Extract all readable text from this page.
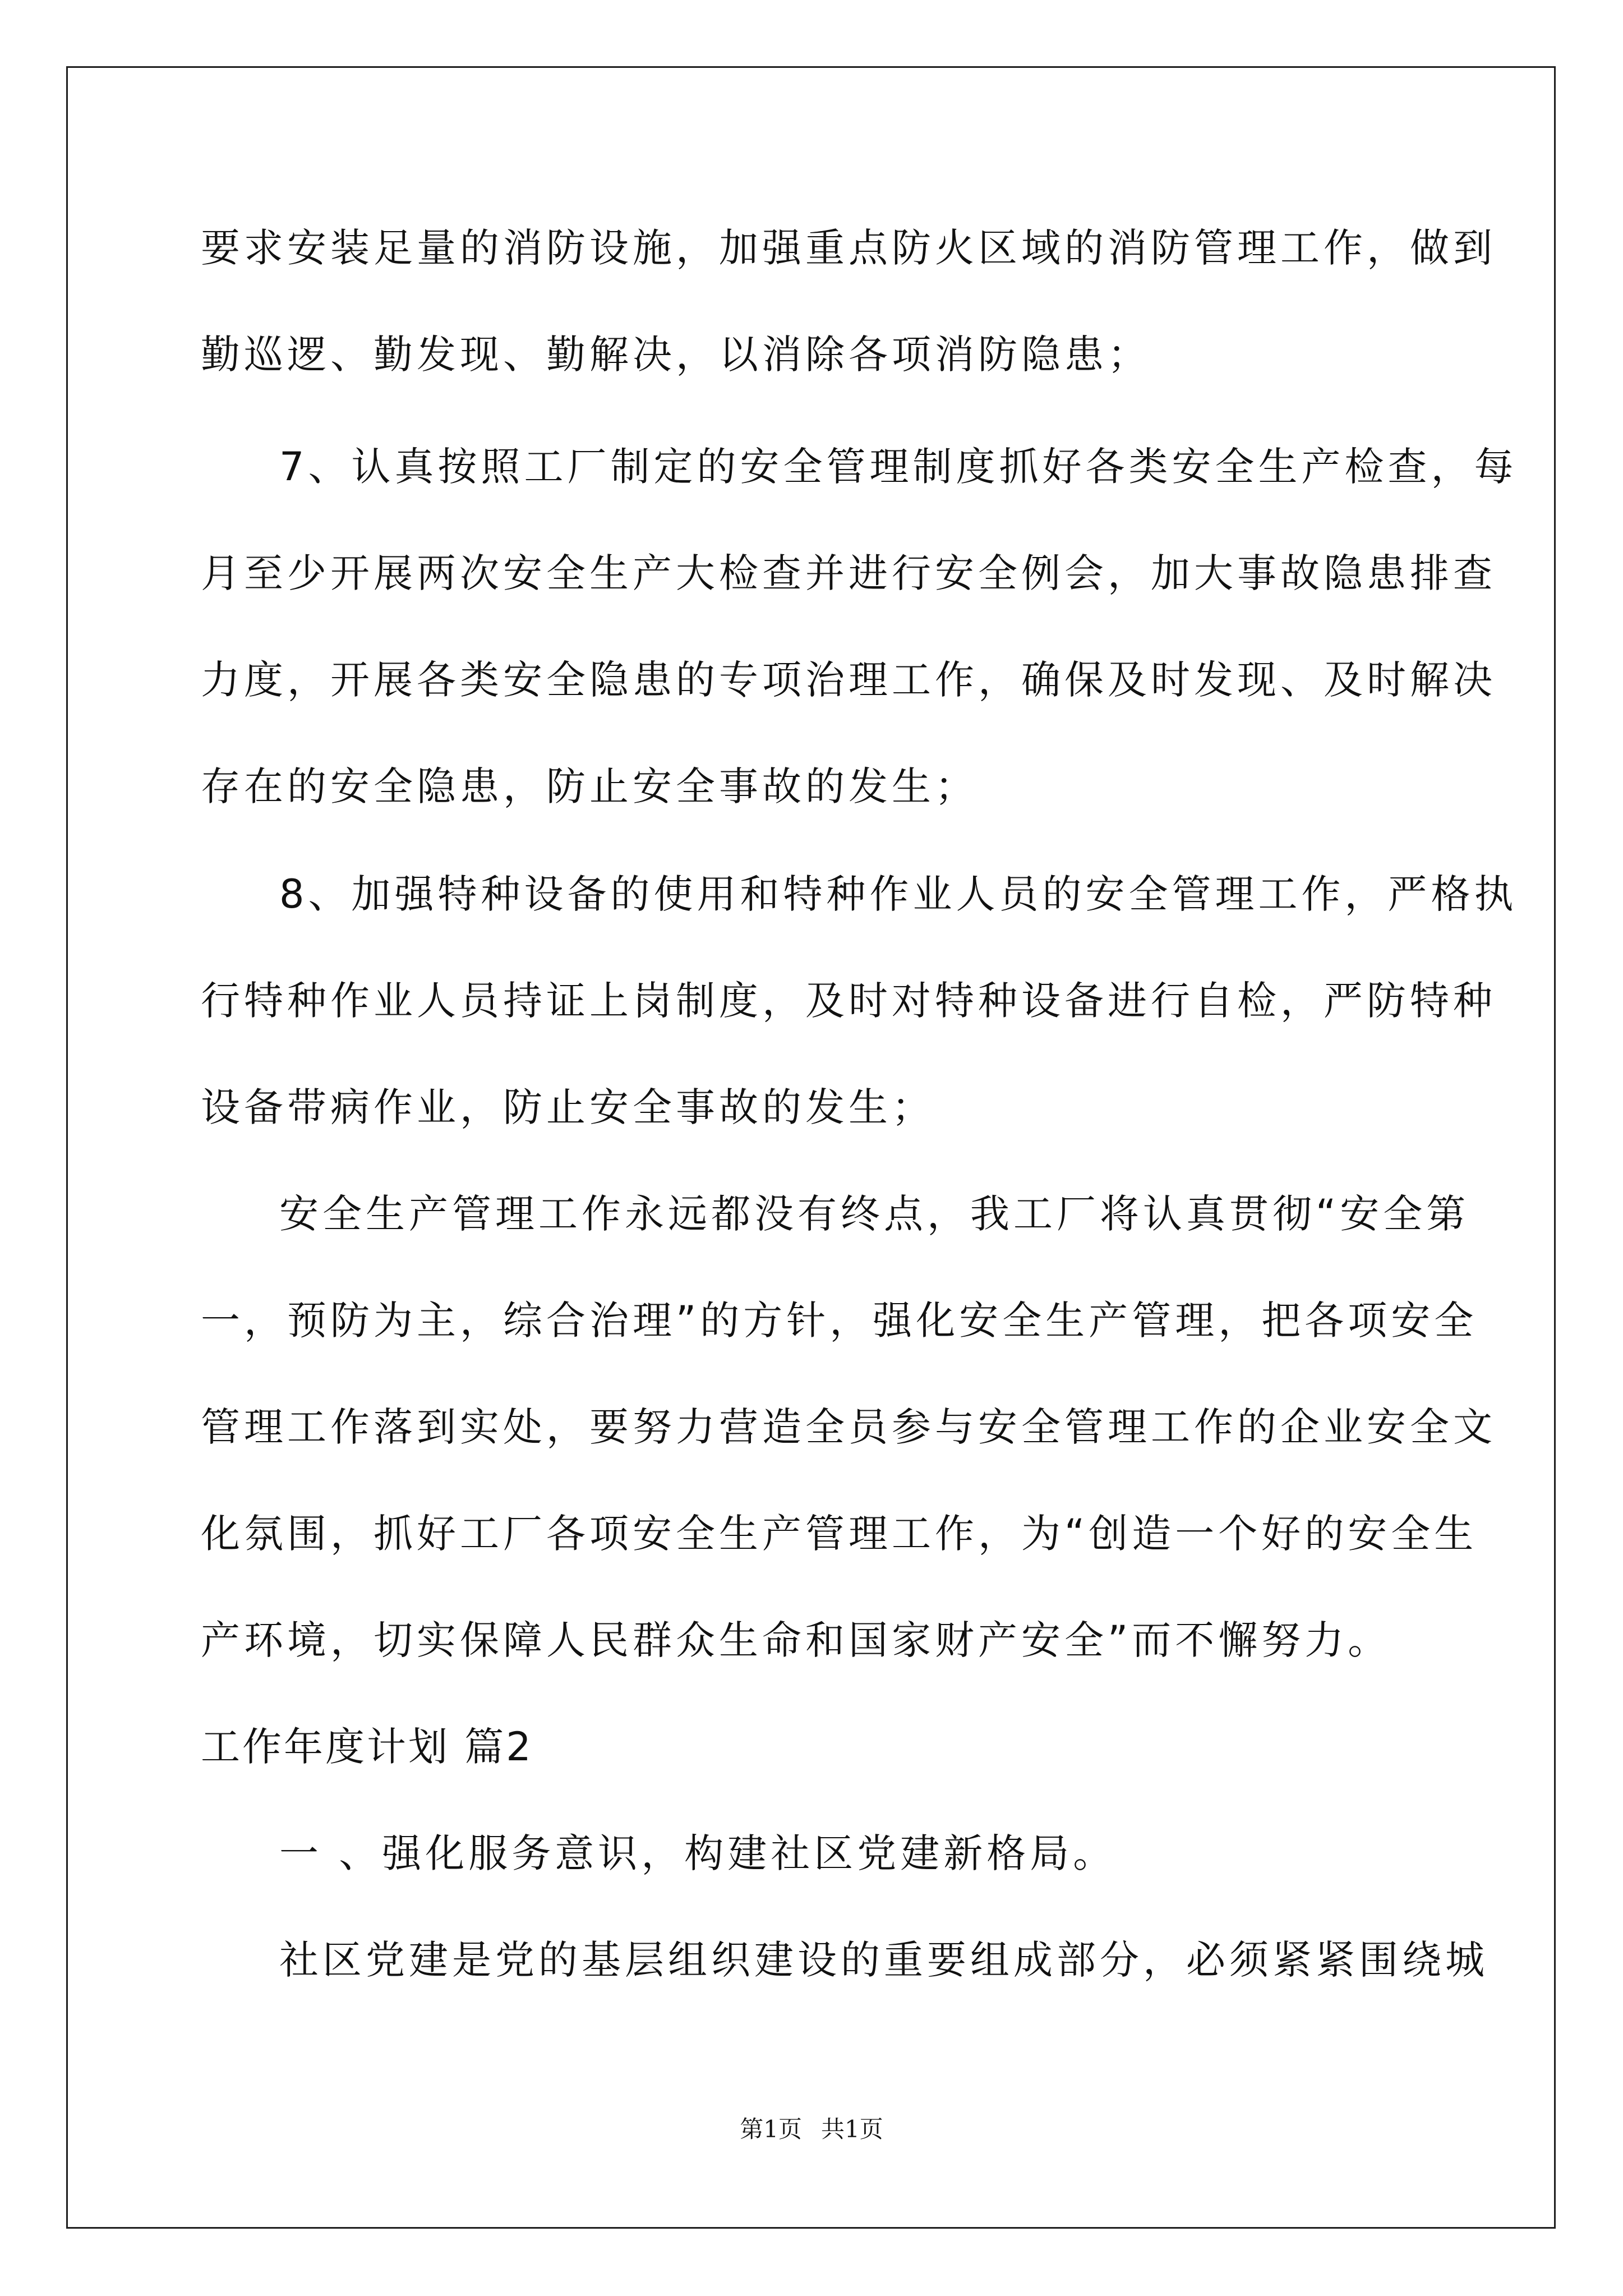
要求安装足量的消防设施，加强重点防火区域的消防管理工作，做到

勤巡逻、勤发现、勤解决，以消除各项消防隐患；

7、认真按照工厂制定的安全管理制度抓好各类安全生产检查，每

月至少开展两次安全生产大检查并进行安全例会，加大事故隐患排查

力度，开展各类安全隐患的专项治理工作，确保及时发现、及时解决

存在的安全隐患，防止安全事故的发生；

8、加强特种设备的使用和特种作业人员的安全管理工作，严格执

行特种作业人员持证上岗制度，及时对特种设备进行自检，严防特种

设备带病作业，防止安全事故的发生；

安全生产管理工作永远都没有终点，我工厂将认真贯彻“安全第

一，预防为主，综合治理”的方针，强化安全生产管理，把各项安全

管理工作落到实处，要努力营造全员参与安全管理工作的企业安全文

化氛围，抓好工厂各项安全生产管理工作，为“创造一个好的安全生

产环境，切实保障人民群众生命和国家财产安全”而不懈努力。

工作年度计划 篇2

一 、强化服务意识，构建社区党建新格局。

社区党建是党的基层组织建设的重要组成部分，必须紧紧围绕城

第1页 共1页
